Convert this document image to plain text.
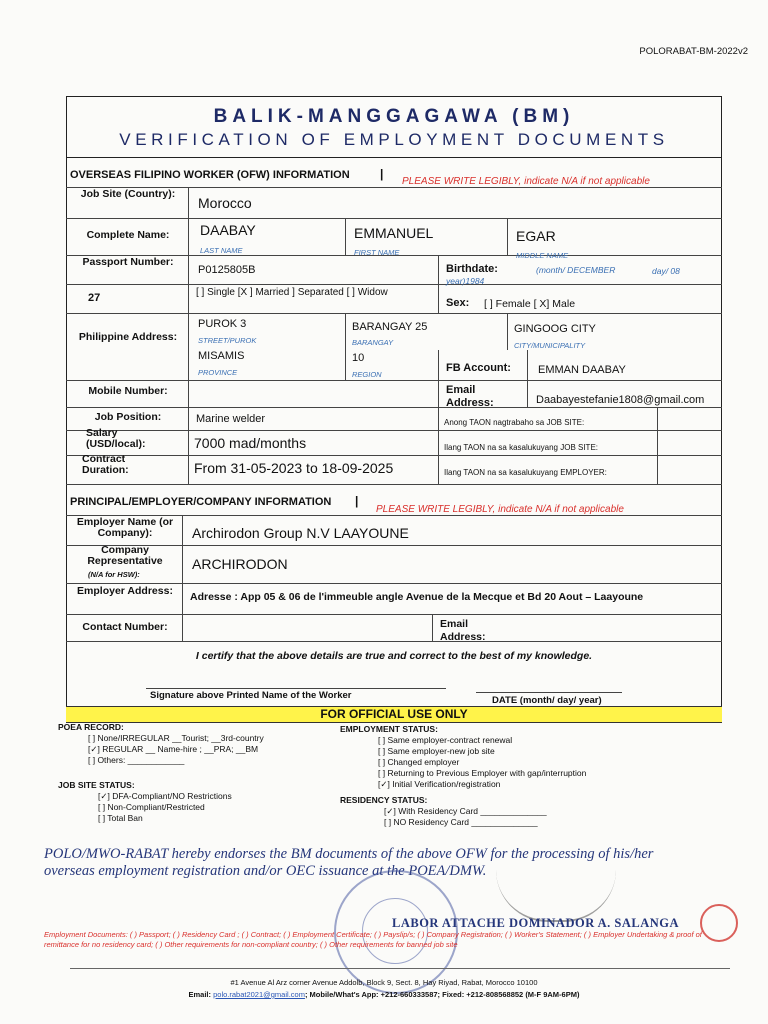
POLORABAT-BM-2022v2
BALIK-MANGGAGAWA (BM)
VERIFICATION OF EMPLOYMENT DOCUMENTS
OVERSEAS FILIPINO WORKER (OFW) INFORMATION	|
PLEASE WRITE LEGIBLY, indicate N/A if not applicable
Job Site (Country):
Morocco
Complete Name:	DAABAY	EMMANUEL	EGAR
LAST NAME	FIRST NAME	MIDDLE NAME
Passport Number:
P0125805B	Birthdate:	(month/ DECEMBER	day/ 08
year)1984
27	[ ] Single [X ] Married ] Separated [ ] Widow
Sex: [ ] Female [ X] Male
Philippine Address:
PUROK 3	BARANGAY 25	GINGOOG CITY
STREET/PUROK	BARANGAY	CITY/MUNICIPALITY
MISAMIS	10
PROVINCE	REGION
FB Account: EMMAN DAABAY
Mobile Number:	Email Address:	Daabayestefanie1808@gmail.com
Job Position:	Marine welder	Anong TAON nagtrabaho sa JOB SITE:
Salary (USD/local):	7000 mad/months	Ilang TAON na sa kasalukuyang JOB SITE:
Contract Duration:	From 31-05-2023 to 18-09-2025	Ilang TAON na sa kasalukuyang EMPLOYER:
PRINCIPAL/EMPLOYER/COMPANY INFORMATION |
PLEASE WRITE LEGIBLY, indicate N/A if not applicable
Employer Name (or Company):	Archirodon Group N.V LAAYOUNE
Company Representative
(N/A for HSW):
ARCHIRODON
Employer Address:	Adresse : App 05 & 06 de l'immeuble angle Avenue de la Mecque et Bd 20 Aout – Laayoune
Contact Number:	Email Address:
I certify that the above details are true and correct to the best of my knowledge.
Signature above Printed Name of the Worker	DATE (month/ day/ year)
FOR OFFICIAL USE ONLY
POEA RECORD:
[ ] None/IRREGULAR __Tourist; __3rd-country
[✓] REGULAR __ Name-hire ; __PRA; __BM
[ ] Others: ____________
JOB SITE STATUS:
[✓] DFA-Compliant/NO Restrictions
[ ] Non-Compliant/Restricted
[ ] Total Ban
EMPLOYMENT STATUS:
[ ] Same employer-contract renewal
[ ] Same employer-new job site
[ ] Changed employer
[ ] Returning to Previous Employer with gap/interruption
[✓] Initial Verification/registration
RESIDENCY STATUS:
[✓] With Residency Card ______________
[ ] NO Residency Card ______________
POLO/MWO-RABAT hereby endorses the BM documents of the above OFW for the processing of his/her overseas employment registration and/or OEC issuance at the POEA/DMW.
LABOR ATTACHE DOMINADOR A. SALANGA
Employment Documents: ( ) Passport; ( ) Residency Card ; ( ) Contract; ( ) Employment Certificate; ( ) Payslip/s; ( ) Company Registration; ( ) Worker's Statement; ( ) Employer Undertaking & proof of remittance for no residency card; ( ) Other requirements for non-compliant country; ( ) Other requirements for banned job site
#1 Avenue Al Arz corner Avenue Addolb, Block 9, Sect. 8, Hay Riyad, Rabat, Morocco 10100
Email: polo.rabat2021@gmail.com; Mobile/What's App: +212-660333587; Fixed: +212-808568852 (M-F 9AM-6PM)
